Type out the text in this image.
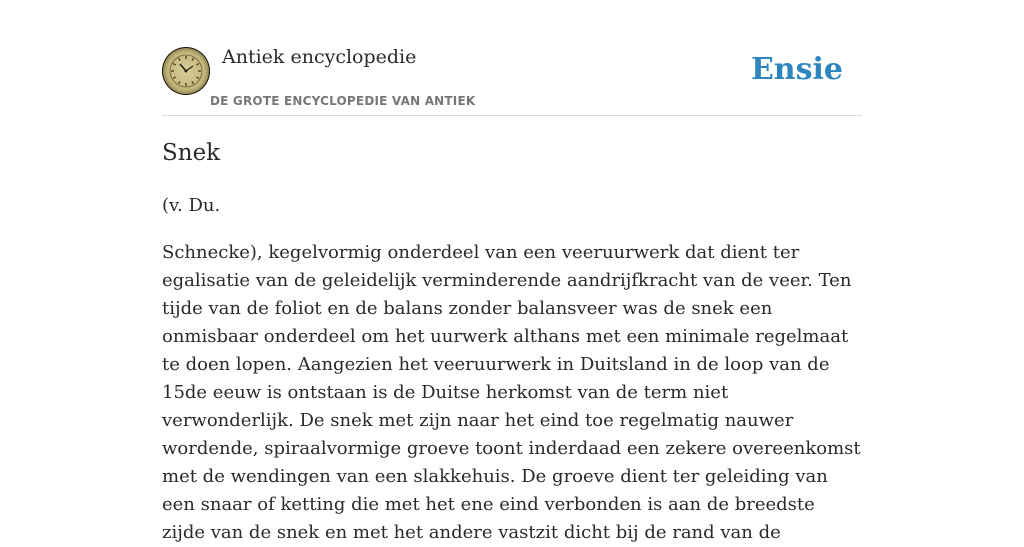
Antiek encyclopedie
DE GROTE ENCYCLOPEDIE VAN ANTIEK
Ensie
Snek

(v. Du.

Schnecke), kegelvormig onderdeel van een veeruurwerk dat dient ter egalisatie van de geleidelijk verminderende aandrijfkracht van de veer. Ten tijde van de foliot en de balans zonder balansveer was de snek een onmisbaar onderdeel om het uurwerk althans met een minimale regelmaat te doen lopen. Aangezien het veeruurwerk in Duitsland in de loop van de 15de eeuw is ontstaan is de Duitse herkomst van de term niet verwonderlijk. De snek met zijn naar het eind toe regelmatig nauwer wordende, spiraalvormige groeve toont inderdaad een zekere overeenkomst met de wendingen van een slakkehuis. De groeve dient ter geleiding van een snaar of ketting die met het ene eind verbonden is aan de breedste zijde van de snek en met het andere vastzit dicht bij de rand van de
